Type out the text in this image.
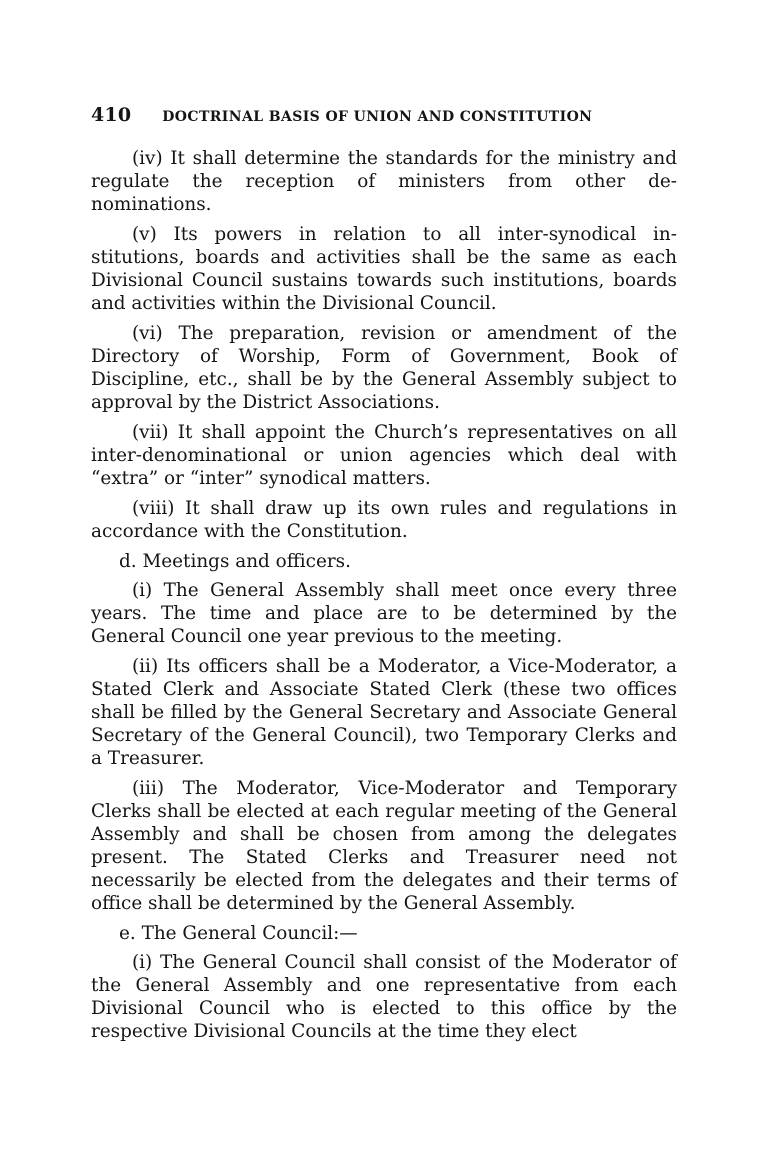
410 DOCTRINAL BASIS OF UNION AND CONSTITUTION

(iv) It shall determine the standards for the ministry and regulate the reception of ministers from other de-nominations.

(v) Its powers in relation to all inter-synodical in-stitutions, boards and activities shall be the same as each Divisional Council sustains towards such institutions, boards and activities within the Divisional Council.

(vi) The preparation, revision or amendment of the Directory of Worship, Form of Government, Book of Discipline, etc., shall be by the General Assembly subject to approval by the District Associations.

(vii) It shall appoint the Church’s representatives on all inter-denominational or union agencies which deal with “extra” or “inter” synodical matters.

(viii) It shall draw up its own rules and regulations in accordance with the Constitution.

d. Meetings and officers.

(i) The General Assembly shall meet once every three years. The time and place are to be determined by the General Council one year previous to the meeting.

(ii) Its officers shall be a Moderator, a Vice-Moderator, a Stated Clerk and Associate Stated Clerk (these two offices shall be filled by the General Secretary and Associate General Secretary of the General Council), two Temporary Clerks and a Treasurer.

(iii) The Moderator, Vice-Moderator and Temporary Clerks shall be elected at each regular meeting of the General Assembly and shall be chosen from among the delegates present. The Stated Clerks and Treasurer need not necessarily be elected from the delegates and their terms of office shall be determined by the General Assembly.

e. The General Council:—

(i) The General Council shall consist of the Moderator of the General Assembly and one representative from each Divisional Council who is elected to this office by the respective Divisional Councils at the time they elect
